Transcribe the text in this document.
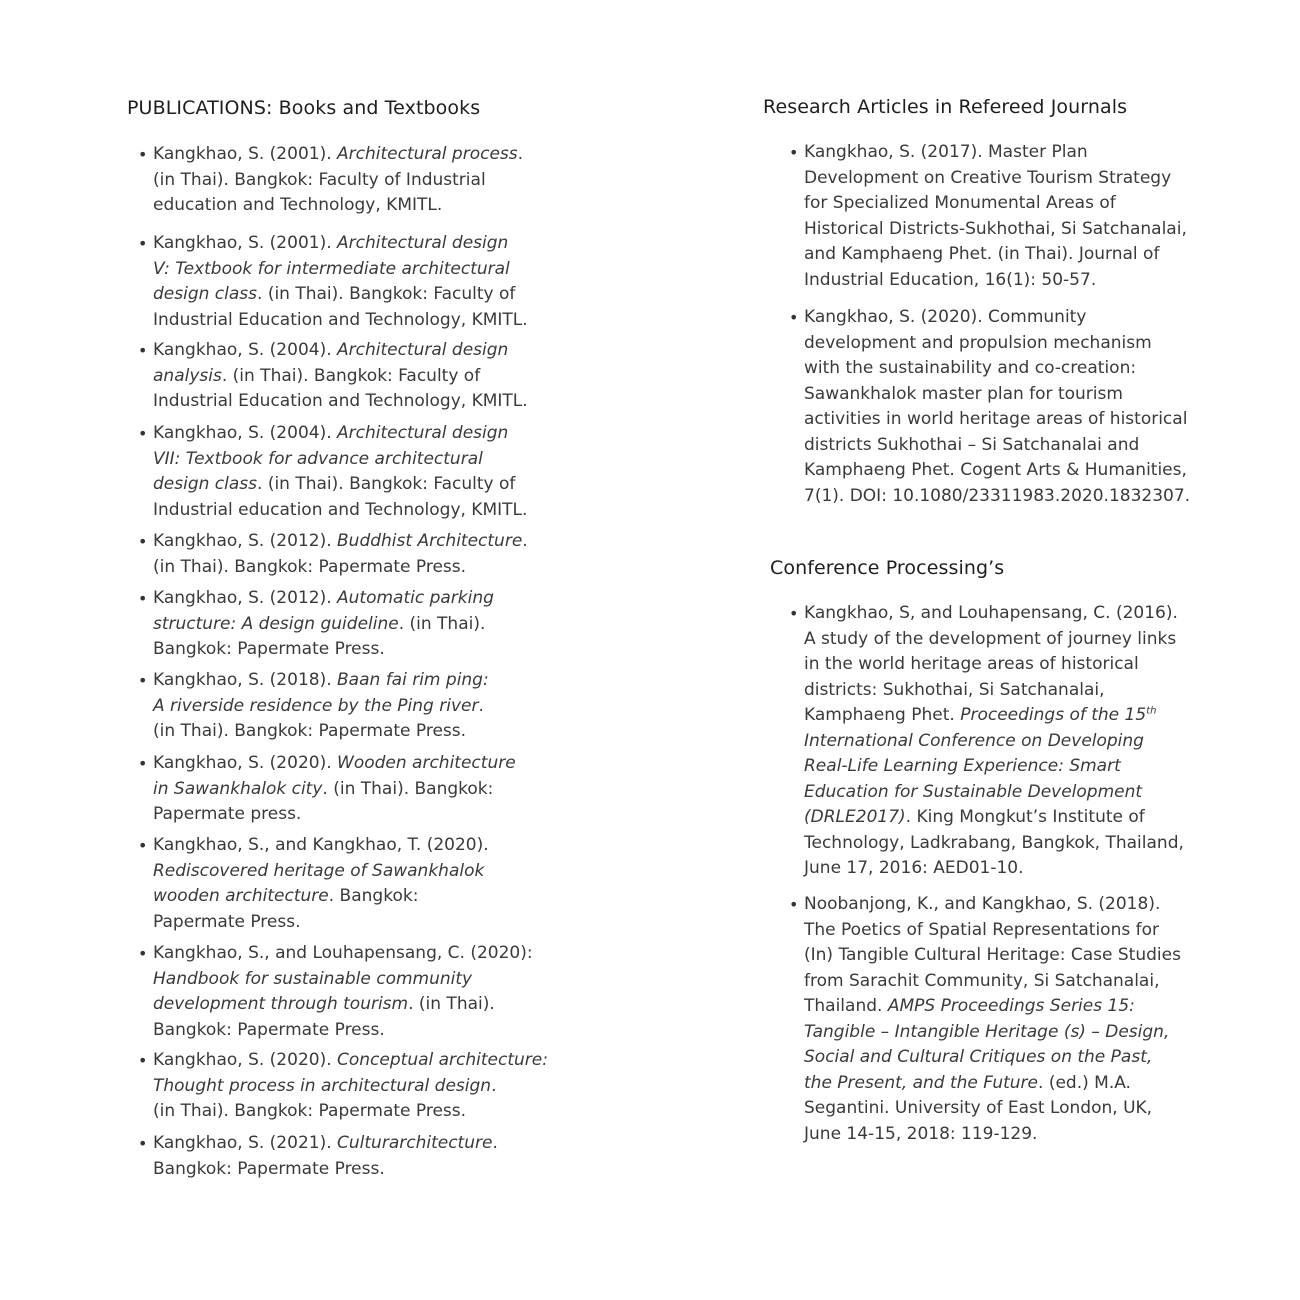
PUBLICATIONS: Books and Textbooks
• Kangkhao, S. (2001). Architectural process.
(in Thai). Bangkok: Faculty of Industrial
education and Technology, KMITL.
• Kangkhao, S. (2001). Architectural design
V: Textbook for intermediate architectural
design class. (in Thai). Bangkok: Faculty of
Industrial Education and Technology, KMITL.
• Kangkhao, S. (2004). Architectural design
analysis. (in Thai). Bangkok: Faculty of
Industrial Education and Technology, KMITL.
• Kangkhao, S. (2004). Architectural design
VII: Textbook for advance architectural
design class. (in Thai). Bangkok: Faculty of
Industrial education and Technology, KMITL.
• Kangkhao, S. (2012). Buddhist Architecture.
(in Thai). Bangkok: Papermate Press.
• Kangkhao, S. (2012). Automatic parking
structure: A design guideline. (in Thai).
Bangkok: Papermate Press.
• Kangkhao, S. (2018). Baan fai rim ping:
A riverside residence by the Ping river.
(in Thai). Bangkok: Papermate Press.
• Kangkhao, S. (2020). Wooden architecture
in Sawankhalok city. (in Thai). Bangkok:
Papermate press.
• Kangkhao, S., and Kangkhao, T. (2020).
Rediscovered heritage of Sawankhalok
wooden architecture. Bangkok:
Papermate Press.
• Kangkhao, S., and Louhapensang, C. (2020):
Handbook for sustainable community
development through tourism. (in Thai).
Bangkok: Papermate Press.
• Kangkhao, S. (2020). Conceptual architecture:
Thought process in architectural design.
(in Thai). Bangkok: Papermate Press.
• Kangkhao, S. (2021). Culturarchitecture.
Bangkok: Papermate Press.
Research Articles in Refereed Journals
• Kangkhao, S. (2017). Master Plan
Development on Creative Tourism Strategy
for Specialized Monumental Areas of
Historical Districts-Sukhothai, Si Satchanalai,
and Kamphaeng Phet. (in Thai). Journal of
Industrial Education, 16(1): 50-57.
• Kangkhao, S. (2020). Community
development and propulsion mechanism
with the sustainability and co-creation:
Sawankhalok master plan for tourism
activities in world heritage areas of historical
districts Sukhothai – Si Satchanalai and
Kamphaeng Phet. Cogent Arts & Humanities,
7(1). DOI: 10.1080/23311983.2020.1832307.
Conference Processing’s
• Kangkhao, S, and Louhapensang, C. (2016).
A study of the development of journey links
in the world heritage areas of historical
districts: Sukhothai, Si Satchanalai,
Kamphaeng Phet. Proceedings of the 15th
International Conference on Developing
Real-Life Learning Experience: Smart
Education for Sustainable Development
(DRLE2017). King Mongkut’s Institute of
Technology, Ladkrabang, Bangkok, Thailand,
June 17, 2016: AED01-10.
• Noobanjong, K., and Kangkhao, S. (2018).
The Poetics of Spatial Representations for
(In) Tangible Cultural Heritage: Case Studies
from Sarachit Community, Si Satchanalai,
Thailand. AMPS Proceedings Series 15:
Tangible – Intangible Heritage (s) – Design,
Social and Cultural Critiques on the Past,
the Present, and the Future. (ed.) M.A.
Segantini. University of East London, UK,
June 14-15, 2018: 119-129.
